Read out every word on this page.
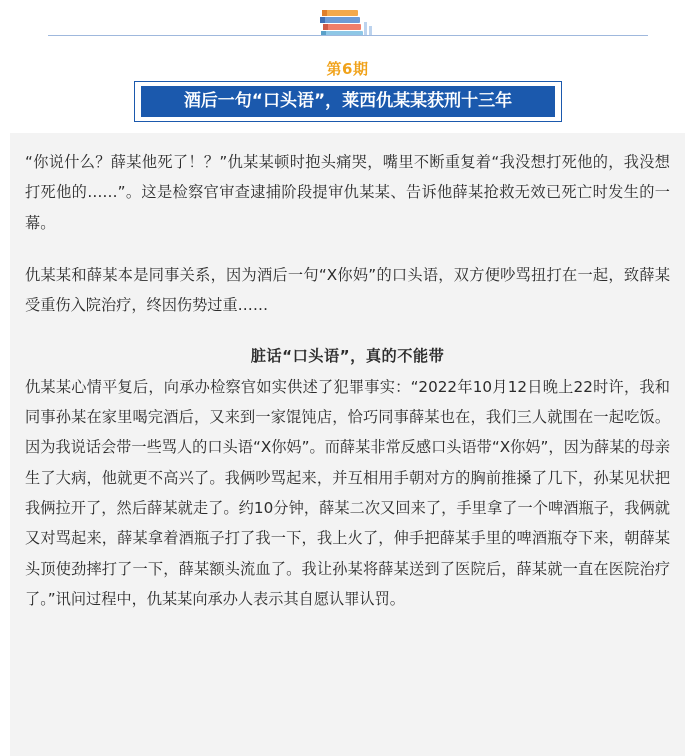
第6期
酒后一句“口头语”，莱西仇某某获刑十三年

“你说什么？薛某他死了！？”仇某某顿时抱头痛哭，嘴里不断重复着“我没想打死他的，我没想打死他的……”。这是检察官审查逮捕阶段提审仇某某、告诉他薛某抢救无效已死亡时发生的一幕。

仇某某和薛某本是同事关系，因为酒后一句“X你妈”的口头语，双方便吵骂扭打在一起，致薛某受重伤入院治疗，终因伤势过重……

脏话“口头语”，真的不能带

仇某某心情平复后，向承办检察官如实供述了犯罪事实：“2022年10月12日晚上22时许，我和同事孙某在家里喝完酒后，又来到一家馄饨店，恰巧同事薛某也在，我们三人就围在一起吃饭。因为我说话会带一些骂人的口头语“X你妈”。而薛某非常反感口头语带“X你妈”，因为薛某的母亲生了大病，他就更不高兴了。我俩吵骂起来，并互相用手朝对方的胸前推搡了几下，孙某见状把我俩拉开了，然后薛某就走了。约10分钟，薛某二次又回来了，手里拿了一个啤酒瓶子，我俩就又对骂起来，薛某拿着酒瓶子打了我一下，我上火了，伸手把薛某手里的啤酒瓶夺下来，朝薛某头顶使劲摔打了一下，薛某额头流血了。我让孙某将薛某送到了医院后，薛某就一直在医院治疗了。”讯问过程中，仇某某向承办人表示其自愿认罪认罚。
